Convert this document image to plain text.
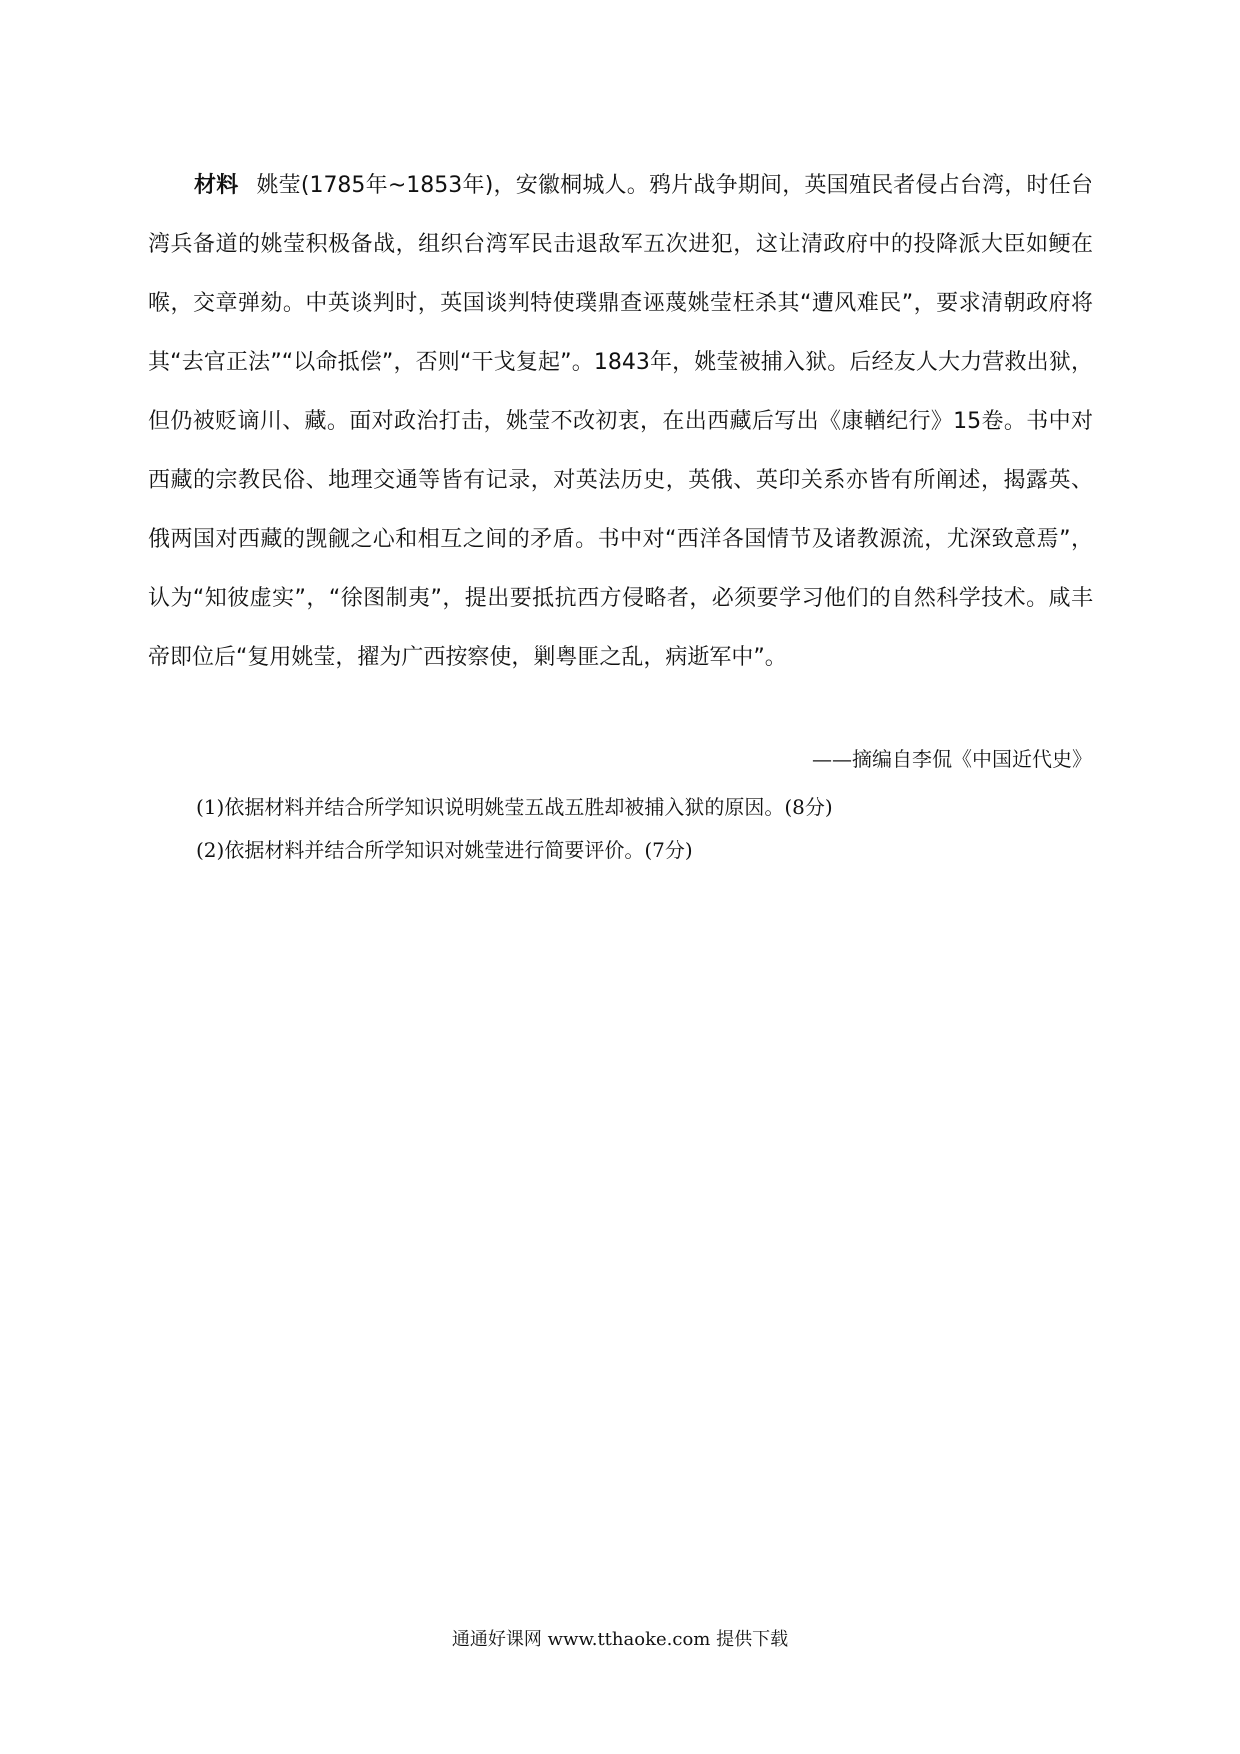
材料 姚莹(1785年~1853年)，安徽桐城人。鸦片战争期间，英国殖民者侵占台湾，时任台湾兵备道的姚莹积极备战，组织台湾军民击退敌军五次进犯，这让清政府中的投降派大臣如鲠在喉，交章弹劾。中英谈判时，英国谈判特使璞鼎查诬蔑姚莹枉杀其“遭风难民”，要求清朝政府将其“去官正法”“以命抵偿”，否则“干戈复起”。1843年，姚莹被捕入狱。后经友人大力营救出狱，但仍被贬谪川、藏。面对政治打击，姚莹不改初衷，在出西藏后写出《康輶纪行》15卷。书中对西藏的宗教民俗、地理交通等皆有记录，对英法历史，英俄、英印关系亦皆有所阐述，揭露英、俄两国对西藏的觊觎之心和相互之间的矛盾。书中对“西洋各国情节及诸教源流，尤深致意焉”，认为“知彼虚实”，“徐图制夷”，提出要抵抗西方侵略者，必须要学习他们的自然科学技术。咸丰帝即位后“复用姚莹，擢为广西按察使，剿粤匪之乱，病逝军中”。

——摘编自李侃《中国近代史》

(1)依据材料并结合所学知识说明姚莹五战五胜却被捕入狱的原因。(8分)
(2)依据材料并结合所学知识对姚莹进行简要评价。(7分)

通通好课网 www.tthaoke.com 提供下载
